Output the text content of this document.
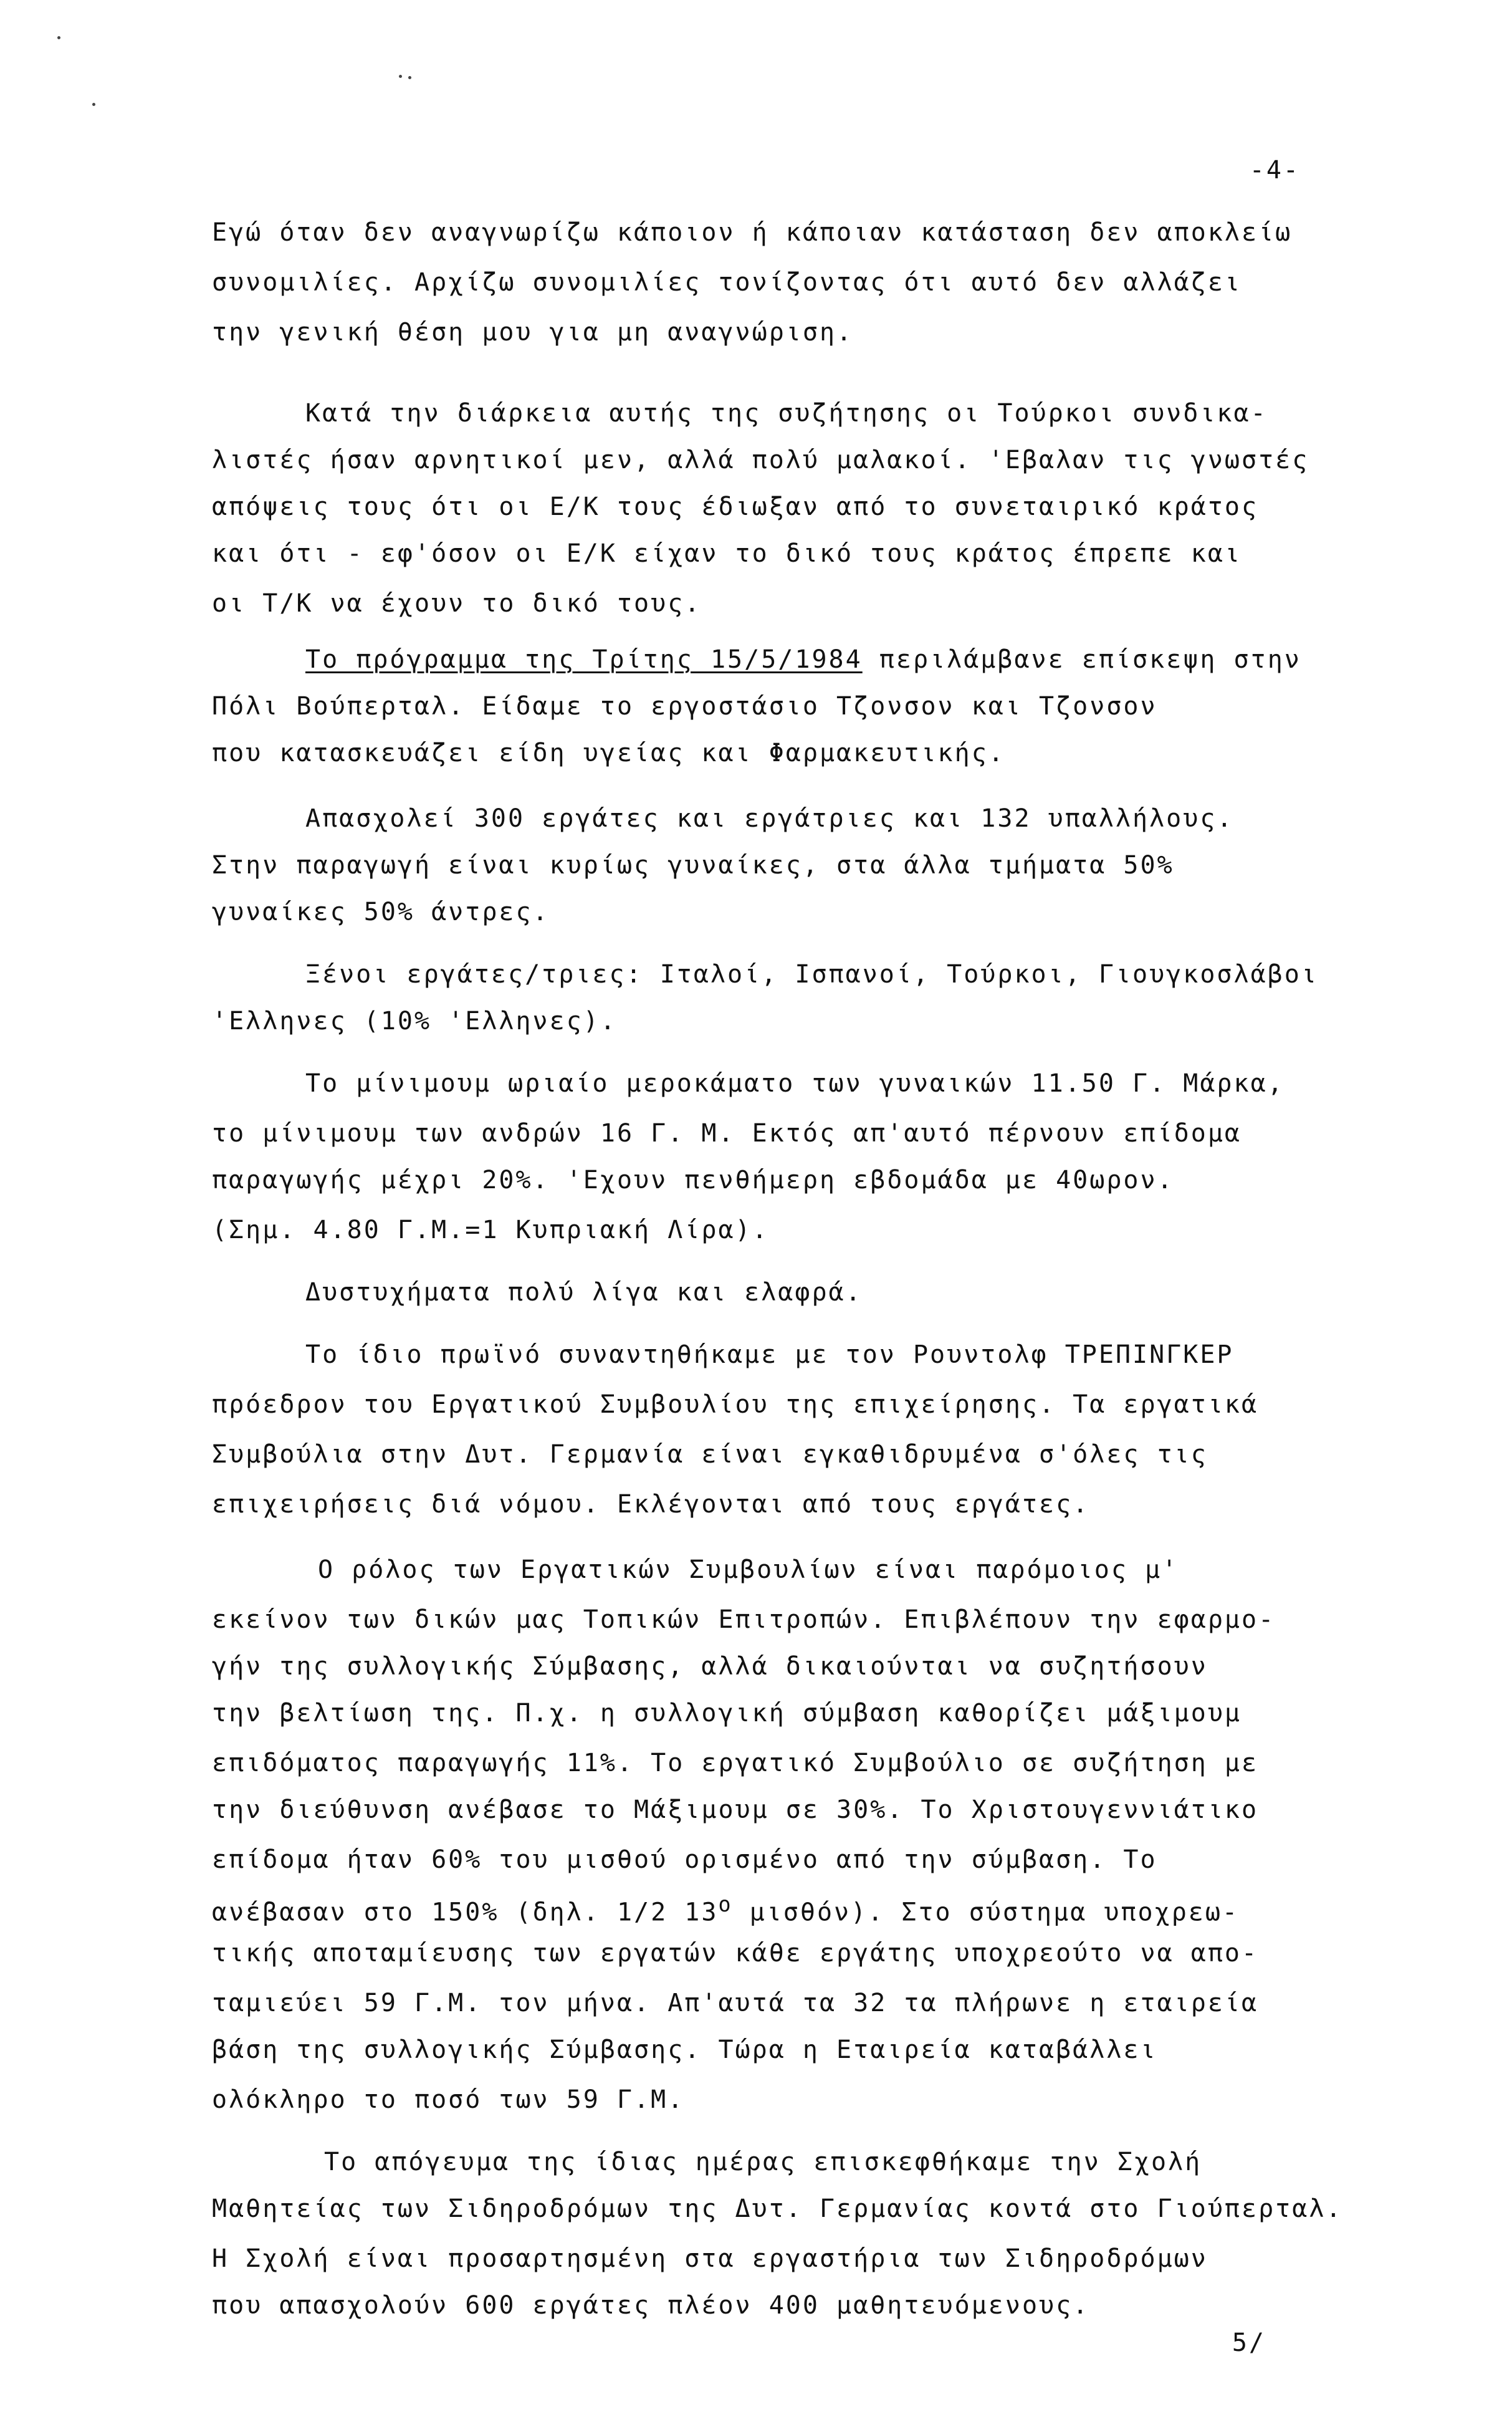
-4-
Εγώ όταν δεν αναγνωρίζω κάποιον ή κάποιαν κατάσταση δεν αποκλείω
συνομιλίες. Αρχίζω συνομιλίες τονίζοντας ότι αυτό δεν αλλάζει
την γενική θέση μου για μη αναγνώριση.
Κατά την διάρκεια αυτής της συζήτησης οι Τούρκοι συνδικα-
λιστές ήσαν αρνητικοί μεν, αλλά πολύ μαλακοί. 'Εβαλαν τις γνωστές
απόψεις τους ότι οι Ε/Κ τους έδιωξαν από το συνεταιρικό κράτος
και ότι - εφ'όσον οι Ε/Κ είχαν το δικό τους κράτος έπρεπε και
οι Τ/Κ να έχουν το δικό τους.
Το πρόγραμμα της Τρίτης 15/5/1984 περιλάμβανε επίσκεψη στην
Πόλι Βούπερταλ. Είδαμε το εργοστάσιο Τζονσον και Τζονσον
που κατασκευάζει είδη υγείας και Φαρμακευτικής.
Απασχολεί 300 εργάτες και εργάτριες και 132 υπαλλήλους.
Στην παραγωγή είναι κυρίως γυναίκες, στα άλλα τμήματα 50%
γυναίκες 50% άντρες.
Ξένοι εργάτες/τριες: Ιταλοί, Ισπανοί, Τούρκοι, Γιουγκοσλάβοι
'Ελληνες (10% 'Ελληνες).
Το μίνιμουμ ωριαίο μεροκάματο των γυναικών 11.50 Γ. Μάρκα,
το μίνιμουμ των ανδρών 16 Γ. Μ. Εκτός απ'αυτό πέρνουν επίδομα
παραγωγής μέχρι 20%. 'Εχουν πενθήμερη εβδομάδα με 40ωρον.
(Σημ. 4.80 Γ.Μ.=1 Κυπριακή Λίρα).
Δυστυχήματα πολύ λίγα και ελαφρά.
Το ίδιο πρωϊνό συναντηθήκαμε με τον Ρουντολφ ΤΡΕΠΙΝΓΚΕΡ
πρόεδρον του Εργατικού Συμβουλίου της επιχείρησης. Τα εργατικά
Συμβούλια στην Δυτ. Γερμανία είναι εγκαθιδρυμένα σ'όλες τις
επιχειρήσεις διά νόμου. Εκλέγονται από τους εργάτες.
Ο ρόλος των Εργατικών Συμβουλίων είναι παρόμοιος μ'
εκείνον των δικών μας Τοπικών Επιτροπών. Επιβλέπουν την εφαρμο-
γήν της συλλογικής Σύμβασης, αλλά δικαιούνται να συζητήσουν
την βελτίωση της. Π.χ. η συλλογική σύμβαση καθορίζει μάξιμουμ
επιδόματος παραγωγής 11%. Το εργατικό Συμβούλιο σε συζήτηση με
την διεύθυνση ανέβασε το Μάξιμουμ σε 30%. Το Χριστουγεννιάτικο
επίδομα ήταν 60% του μισθού ορισμένο από την σύμβαση. Το
ανέβασαν στο 150% (δηλ. 1/2 $13^o$ μισθόν). Στο σύστημα υποχρεω-
τικής αποταμίευσης των εργατών κάθε εργάτης υποχρεούτο να απο-
ταμιεύει 59 Γ.Μ. τον μήνα. Απ'αυτά τα 32 τα πλήρωνε η εταιρεία
βάση της συλλογικής Σύμβασης. Τώρα η Εταιρεία καταβάλλει
ολόκληρο το ποσό των 59 Γ.Μ.
Το απόγευμα της ίδιας ημέρας επισκεφθήκαμε την Σχολή
Μαθητείας των Σιδηροδρόμων της Δυτ. Γερμανίας κοντά στο Γιούπερταλ.
Η Σχολή είναι προσαρτησμένη στα εργαστήρια των Σιδηροδρόμων
που απασχολούν 600 εργάτες πλέον 400 μαθητευόμενους.
5/
